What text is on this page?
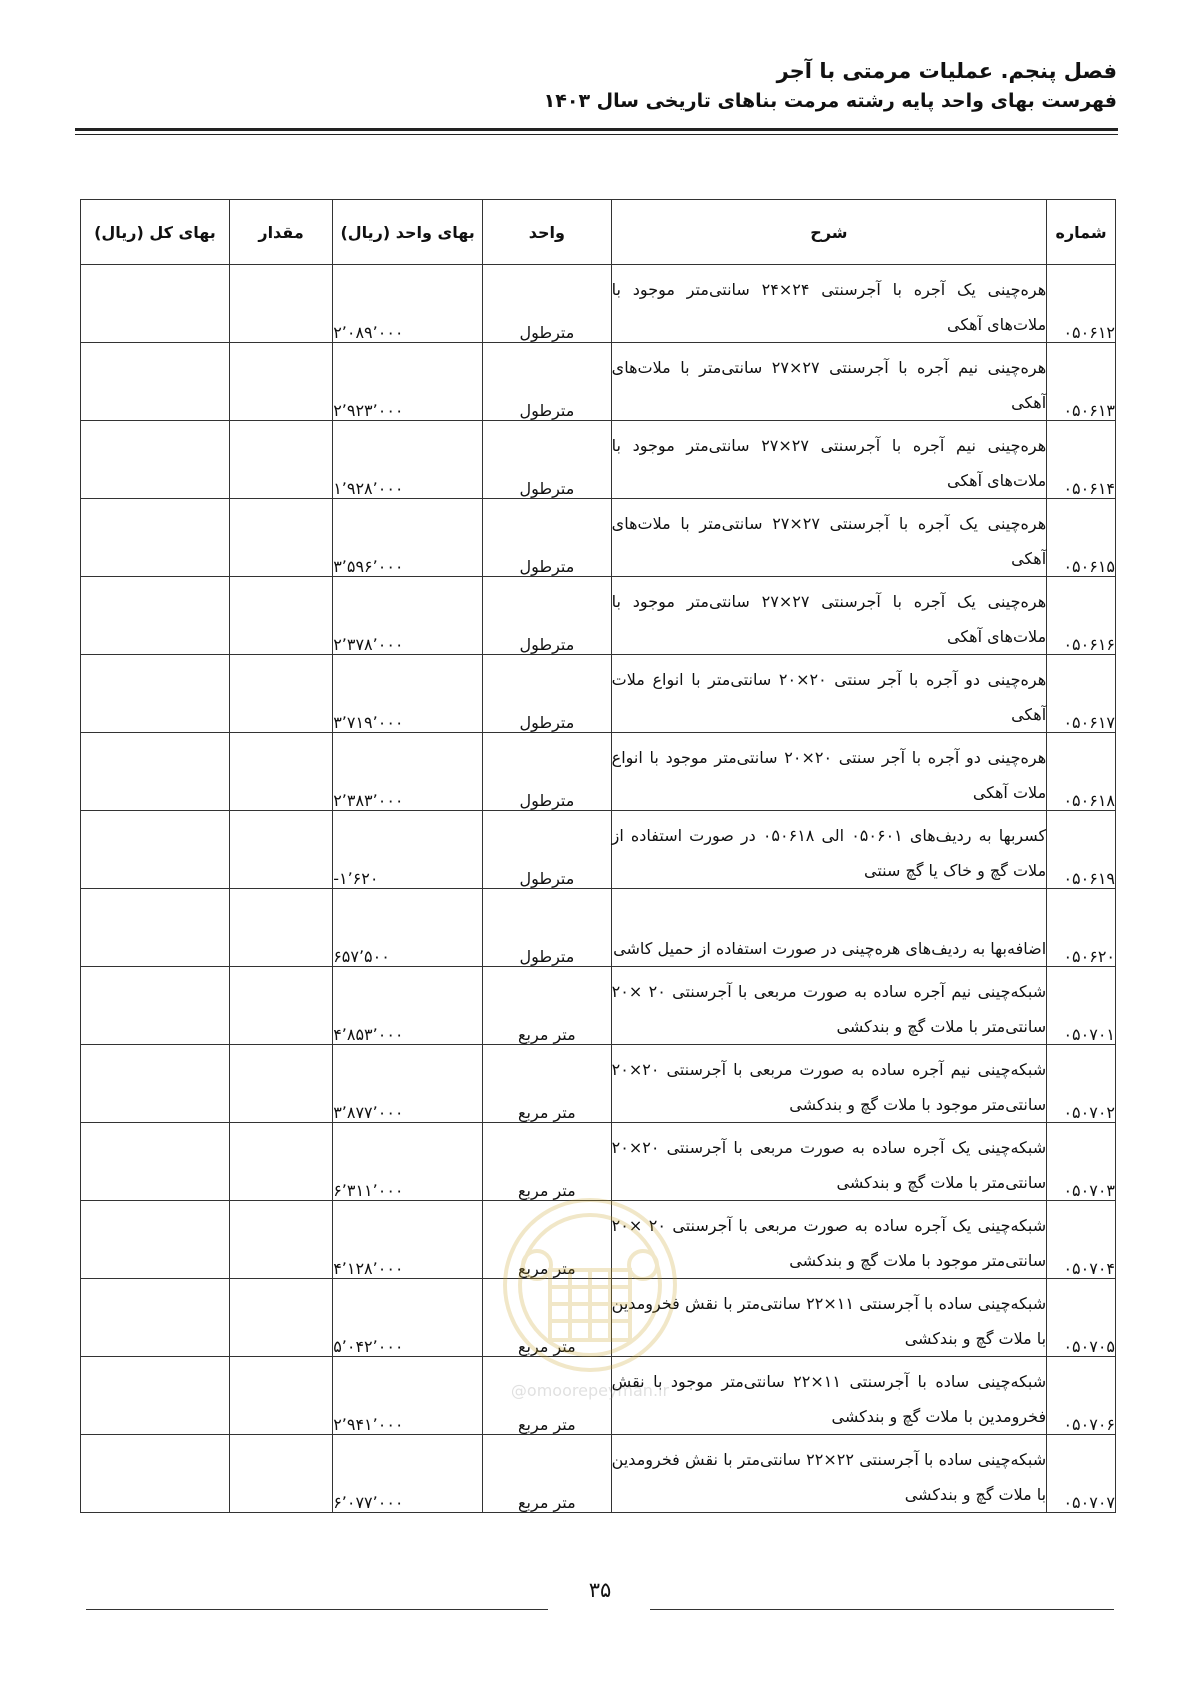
فصل پنجم. عملیات مرمتی با آجر
فهرست بهای واحد پایه رشته مرمت بناهای تاریخی سال ۱۴۰۳
شماره	شرح	واحد	بهای واحد (ریال)	مقدار	بهای کل (ریال)
۰۵۰۶۱۲	هره‌چینی یک آجره با آجرسنتی ۲۴×۲۴ سانتی‌متر موجود با ملات‌های آهکی	مترطول	۲٬۰۸۹٬۰۰۰		
۰۵۰۶۱۳	هره‌چینی نیم آجره با آجرسنتی ۲۷×۲۷ سانتی‌متر با ملات‌های آهکی	مترطول	۲٬۹۲۳٬۰۰۰		
۰۵۰۶۱۴	هره‌چینی نیم آجره با آجرسنتی ۲۷×۲۷ سانتی‌متر موجود با ملات‌های آهکی	مترطول	۱٬۹۲۸٬۰۰۰		
۰۵۰۶۱۵	هره‌چینی یک آجره با آجرسنتی ۲۷×۲۷ سانتی‌متر با ملات‌های آهکی	مترطول	۳٬۵۹۶٬۰۰۰		
۰۵۰۶۱۶	هره‌چینی یک آجره با آجرسنتی ۲۷×۲۷ سانتی‌متر موجود با ملات‌های آهکی	مترطول	۲٬۳۷۸٬۰۰۰		
۰۵۰۶۱۷	هره‌چینی دو آجره با آجر سنتی ۲۰×۲۰ سانتی‌متر با انواع ملات آهکی	مترطول	۳٬۷۱۹٬۰۰۰		
۰۵۰۶۱۸	هره‌چینی دو آجره با آجر سنتی ۲۰×۲۰ سانتی‌متر موجود با انواع ملات آهکی	مترطول	۲٬۳۸۳٬۰۰۰		
۰۵۰۶۱۹	کسربها به ردیف‌های ۰۵۰۶۰۱ الی ۰۵۰۶۱۸ در صورت استفاده از ملات گچ و خاک یا گچ سنتی	مترطول	-۱٬۶۲۰		
۰۵۰۶۲۰	اضافه‌بها به ردیف‌های هره‌چینی در صورت استفاده از حمیل کاشی	مترطول	۶۵۷٬۵۰۰		
۰۵۰۷۰۱	شبکه‌چینی نیم آجره ساده به صورت مربعی با آجرسنتی ۲۰ ×۲۰ سانتی‌متر با ملات گچ و بندکشی	متر مربع	۴٬۸۵۳٬۰۰۰		
۰۵۰۷۰۲	شبکه‌چینی نیم آجره ساده به صورت مربعی با آجرسنتی ۲۰×۲۰ سانتی‌متر موجود با ملات گچ و بندکشی	متر مربع	۳٬۸۷۷٬۰۰۰		
۰۵۰۷۰۳	شبکه‌چینی یک آجره ساده به صورت مربعی با آجرسنتی ۲۰×۲۰ سانتی‌متر با ملات گچ و بندکشی	متر مربع	۶٬۳۱۱٬۰۰۰		
۰۵۰۷۰۴	شبکه‌چینی یک آجره ساده به صورت مربعی با آجرسنتی ۲۰ ×۲۰ سانتی‌متر موجود با ملات گچ و بندکشی	متر مربع	۴٬۱۲۸٬۰۰۰		
۰۵۰۷۰۵	شبکه‌چینی ساده با آجرسنتی ۱۱×۲۲ سانتی‌متر با نقش فخرومدین با ملات گچ و بندکشی	متر مربع	۵٬۰۴۲٬۰۰۰		
۰۵۰۷۰۶	شبکه‌چینی ساده با آجرسنتی ۱۱×۲۲ سانتی‌متر موجود با نقش فخرومدین با ملات گچ و بندکشی	متر مربع	۲٬۹۴۱٬۰۰۰		
۰۵۰۷۰۷	شبکه‌چینی ساده با آجرسنتی ۲۲×۲۲ سانتی‌متر با نقش فخرومدین با ملات گچ و بندکشی	متر مربع	۶٬۰۷۷٬۰۰۰		
@omoorepeyman.ir
۳۵
